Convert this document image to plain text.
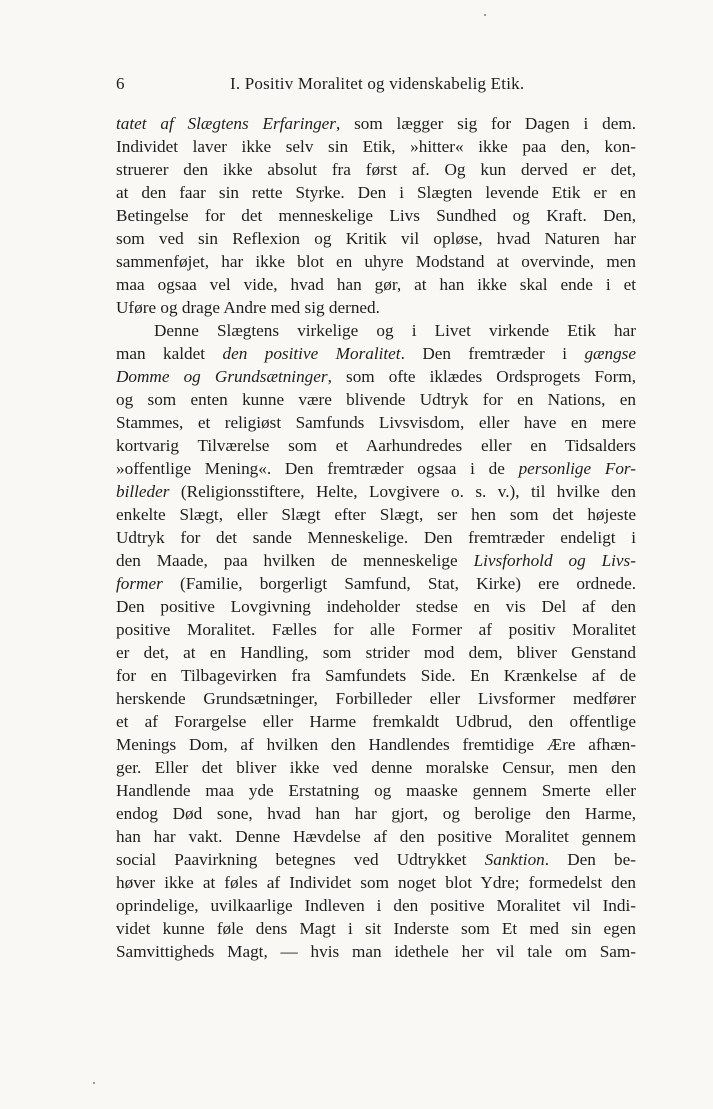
6	I. Positiv Moralitet og videnskabelig Etik.
tatet af Slægtens Erfaringer, som lægger sig for Dagen i dem.
Individet laver ikke selv sin Etik, »hitter« ikke paa den, kon-
struerer den ikke absolut fra først af. Og kun derved er det,
at den faar sin rette Styrke. Den i Slægten levende Etik er en
Betingelse for det menneskelige Livs Sundhed og Kraft. Den,
som ved sin Reflexion og Kritik vil opløse, hvad Naturen har
sammenføjet, har ikke blot en uhyre Modstand at overvinde, men
maa ogsaa vel vide, hvad han gør, at han ikke skal ende i et
Uføre og drage Andre med sig derned.
Denne Slægtens virkelige og i Livet virkende Etik har
man kaldet den positive Moralitet. Den fremtræder i gængse
Domme og Grundsætninger, som ofte iklædes Ordsprogets Form,
og som enten kunne være blivende Udtryk for en Nations, en
Stammes, et religiøst Samfunds Livsvisdom, eller have en mere
kortvarig Tilværelse som et Aarhundredes eller en Tidsalders
»offentlige Mening«. Den fremtræder ogsaa i de personlige For-
billeder (Religionsstiftere, Helte, Lovgivere o. s. v.), til hvilke den
enkelte Slægt, eller Slægt efter Slægt, ser hen som det højeste
Udtryk for det sande Menneskelige. Den fremtræder endeligt i
den Maade, paa hvilken de menneskelige Livsforhold og Livs-
former (Familie, borgerligt Samfund, Stat, Kirke) ere ordnede.
Den positive Lovgivning indeholder stedse en vis Del af den
positive Moralitet. Fælles for alle Former af positiv Moralitet
er det, at en Handling, som strider mod dem, bliver Genstand
for en Tilbagevirken fra Samfundets Side. En Krænkelse af de
herskende Grundsætninger, Forbilleder eller Livsformer medfører
et af Forargelse eller Harme fremkaldt Udbrud, den offentlige
Menings Dom, af hvilken den Handlendes fremtidige Ære afhæn-
ger. Eller det bliver ikke ved denne moralske Censur, men den
Handlende maa yde Erstatning og maaske gennem Smerte eller
endog Død sone, hvad han har gjort, og berolige den Harme,
han har vakt. Denne Hævdelse af den positive Moralitet gennem
social Paavirkning betegnes ved Udtrykket Sanktion. Den be-
høver ikke at føles af Individet som noget blot Ydre; formedelst den
oprindelige, uvilkaarlige Indleven i den positive Moralitet vil Indi-
videt kunne føle dens Magt i sit Inderste som Et med sin egen
Samvittigheds Magt, — hvis man idethele her vil tale om Sam-
